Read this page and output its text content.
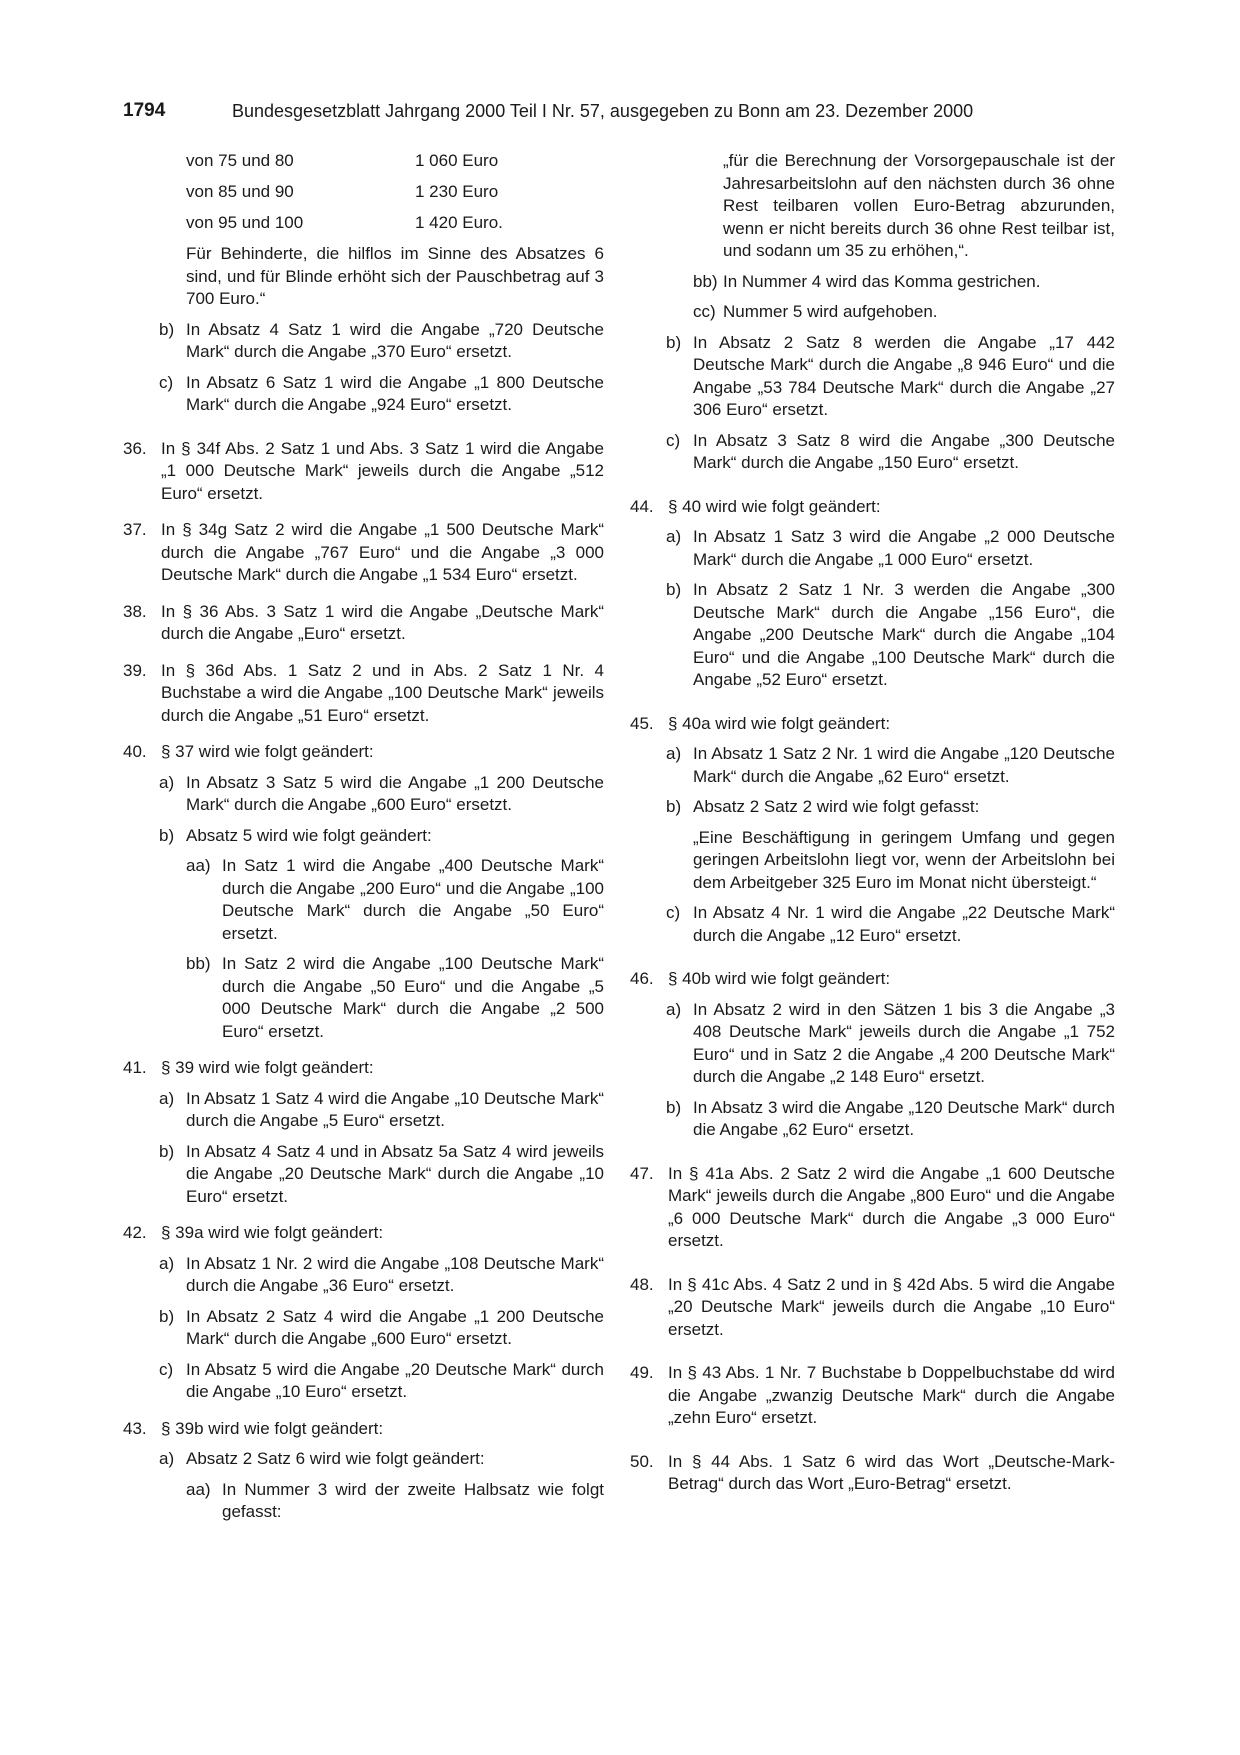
1794	Bundesgesetzblatt Jahrgang 2000 Teil I Nr. 57, ausgegeben zu Bonn am 23. Dezember 2000
von 75 und 80	1 060 Euro
von 85 und 90	1 230 Euro
von 95 und 100	1 420 Euro.
Für Behinderte, die hilflos im Sinne des Absatzes 6 sind, und für Blinde erhöht sich der Pauschbetrag auf 3 700 Euro.“
b) In Absatz 4 Satz 1 wird die Angabe „720 Deutsche Mark“ durch die Angabe „370 Euro“ ersetzt.
c) In Absatz 6 Satz 1 wird die Angabe „1 800 Deutsche Mark“ durch die Angabe „924 Euro“ ersetzt.
36. In § 34f Abs. 2 Satz 1 und Abs. 3 Satz 1 wird die Angabe „1 000 Deutsche Mark“ jeweils durch die Angabe „512 Euro“ ersetzt.
37. In § 34g Satz 2 wird die Angabe „1 500 Deutsche Mark“ durch die Angabe „767 Euro“ und die Angabe „3 000 Deutsche Mark“ durch die Angabe „1 534 Euro“ ersetzt.
38. In § 36 Abs. 3 Satz 1 wird die Angabe „Deutsche Mark“ durch die Angabe „Euro“ ersetzt.
39. In § 36d Abs. 1 Satz 2 und in Abs. 2 Satz 1 Nr. 4 Buchstabe a wird die Angabe „100 Deutsche Mark“ jeweils durch die Angabe „51 Euro“ ersetzt.
40. § 37 wird wie folgt geändert:
a) In Absatz 3 Satz 5 wird die Angabe „1 200 Deutsche Mark“ durch die Angabe „600 Euro“ ersetzt.
b) Absatz 5 wird wie folgt geändert:
aa) In Satz 1 wird die Angabe „400 Deutsche Mark“ durch die Angabe „200 Euro“ und die Angabe „100 Deutsche Mark“ durch die Angabe „50 Euro“ ersetzt.
bb) In Satz 2 wird die Angabe „100 Deutsche Mark“ durch die Angabe „50 Euro“ und die Angabe „5 000 Deutsche Mark“ durch die Angabe „2 500 Euro“ ersetzt.
41. § 39 wird wie folgt geändert:
a) In Absatz 1 Satz 4 wird die Angabe „10 Deutsche Mark“ durch die Angabe „5 Euro“ ersetzt.
b) In Absatz 4 Satz 4 und in Absatz 5a Satz 4 wird jeweils die Angabe „20 Deutsche Mark“ durch die Angabe „10 Euro“ ersetzt.
42. § 39a wird wie folgt geändert:
a) In Absatz 1 Nr. 2 wird die Angabe „108 Deutsche Mark“ durch die Angabe „36 Euro“ ersetzt.
b) In Absatz 2 Satz 4 wird die Angabe „1 200 Deutsche Mark“ durch die Angabe „600 Euro“ ersetzt.
c) In Absatz 5 wird die Angabe „20 Deutsche Mark“ durch die Angabe „10 Euro“ ersetzt.
43. § 39b wird wie folgt geändert:
a) Absatz 2 Satz 6 wird wie folgt geändert:
aa) In Nummer 3 wird der zweite Halbsatz wie folgt gefasst:
„für die Berechnung der Vorsorgepauschale ist der Jahresarbeitslohn auf den nächsten durch 36 ohne Rest teilbaren vollen Euro-Betrag abzurunden, wenn er nicht bereits durch 36 ohne Rest teilbar ist, und sodann um 35 zu erhöhen,“.
bb) In Nummer 4 wird das Komma gestrichen.
cc) Nummer 5 wird aufgehoben.
b) In Absatz 2 Satz 8 werden die Angabe „17 442 Deutsche Mark“ durch die Angabe „8 946 Euro“ und die Angabe „53 784 Deutsche Mark“ durch die Angabe „27 306 Euro“ ersetzt.
c) In Absatz 3 Satz 8 wird die Angabe „300 Deutsche Mark“ durch die Angabe „150 Euro“ ersetzt.
44. § 40 wird wie folgt geändert:
a) In Absatz 1 Satz 3 wird die Angabe „2 000 Deutsche Mark“ durch die Angabe „1 000 Euro“ ersetzt.
b) In Absatz 2 Satz 1 Nr. 3 werden die Angabe „300 Deutsche Mark“ durch die Angabe „156 Euro“, die Angabe „200 Deutsche Mark“ durch die Angabe „104 Euro“ und die Angabe „100 Deutsche Mark“ durch die Angabe „52 Euro“ ersetzt.
45. § 40a wird wie folgt geändert:
a) In Absatz 1 Satz 2 Nr. 1 wird die Angabe „120 Deutsche Mark“ durch die Angabe „62 Euro“ ersetzt.
b) Absatz 2 Satz 2 wird wie folgt gefasst:
„Eine Beschäftigung in geringem Umfang und gegen geringen Arbeitslohn liegt vor, wenn der Arbeitslohn bei dem Arbeitgeber 325 Euro im Monat nicht übersteigt.“
c) In Absatz 4 Nr. 1 wird die Angabe „22 Deutsche Mark“ durch die Angabe „12 Euro“ ersetzt.
46. § 40b wird wie folgt geändert:
a) In Absatz 2 wird in den Sätzen 1 bis 3 die Angabe „3 408 Deutsche Mark“ jeweils durch die Angabe „1 752 Euro“ und in Satz 2 die Angabe „4 200 Deutsche Mark“ durch die Angabe „2 148 Euro“ ersetzt.
b) In Absatz 3 wird die Angabe „120 Deutsche Mark“ durch die Angabe „62 Euro“ ersetzt.
47. In § 41a Abs. 2 Satz 2 wird die Angabe „1 600 Deutsche Mark“ jeweils durch die Angabe „800 Euro“ und die Angabe „6 000 Deutsche Mark“ durch die Angabe „3 000 Euro“ ersetzt.
48. In § 41c Abs. 4 Satz 2 und in § 42d Abs. 5 wird die Angabe „20 Deutsche Mark“ jeweils durch die Angabe „10 Euro“ ersetzt.
49. In § 43 Abs. 1 Nr. 7 Buchstabe b Doppelbuchstabe dd wird die Angabe „zwanzig Deutsche Mark“ durch die Angabe „zehn Euro“ ersetzt.
50. In § 44 Abs. 1 Satz 6 wird das Wort „Deutsche-Mark-Betrag“ durch das Wort „Euro-Betrag“ ersetzt.
